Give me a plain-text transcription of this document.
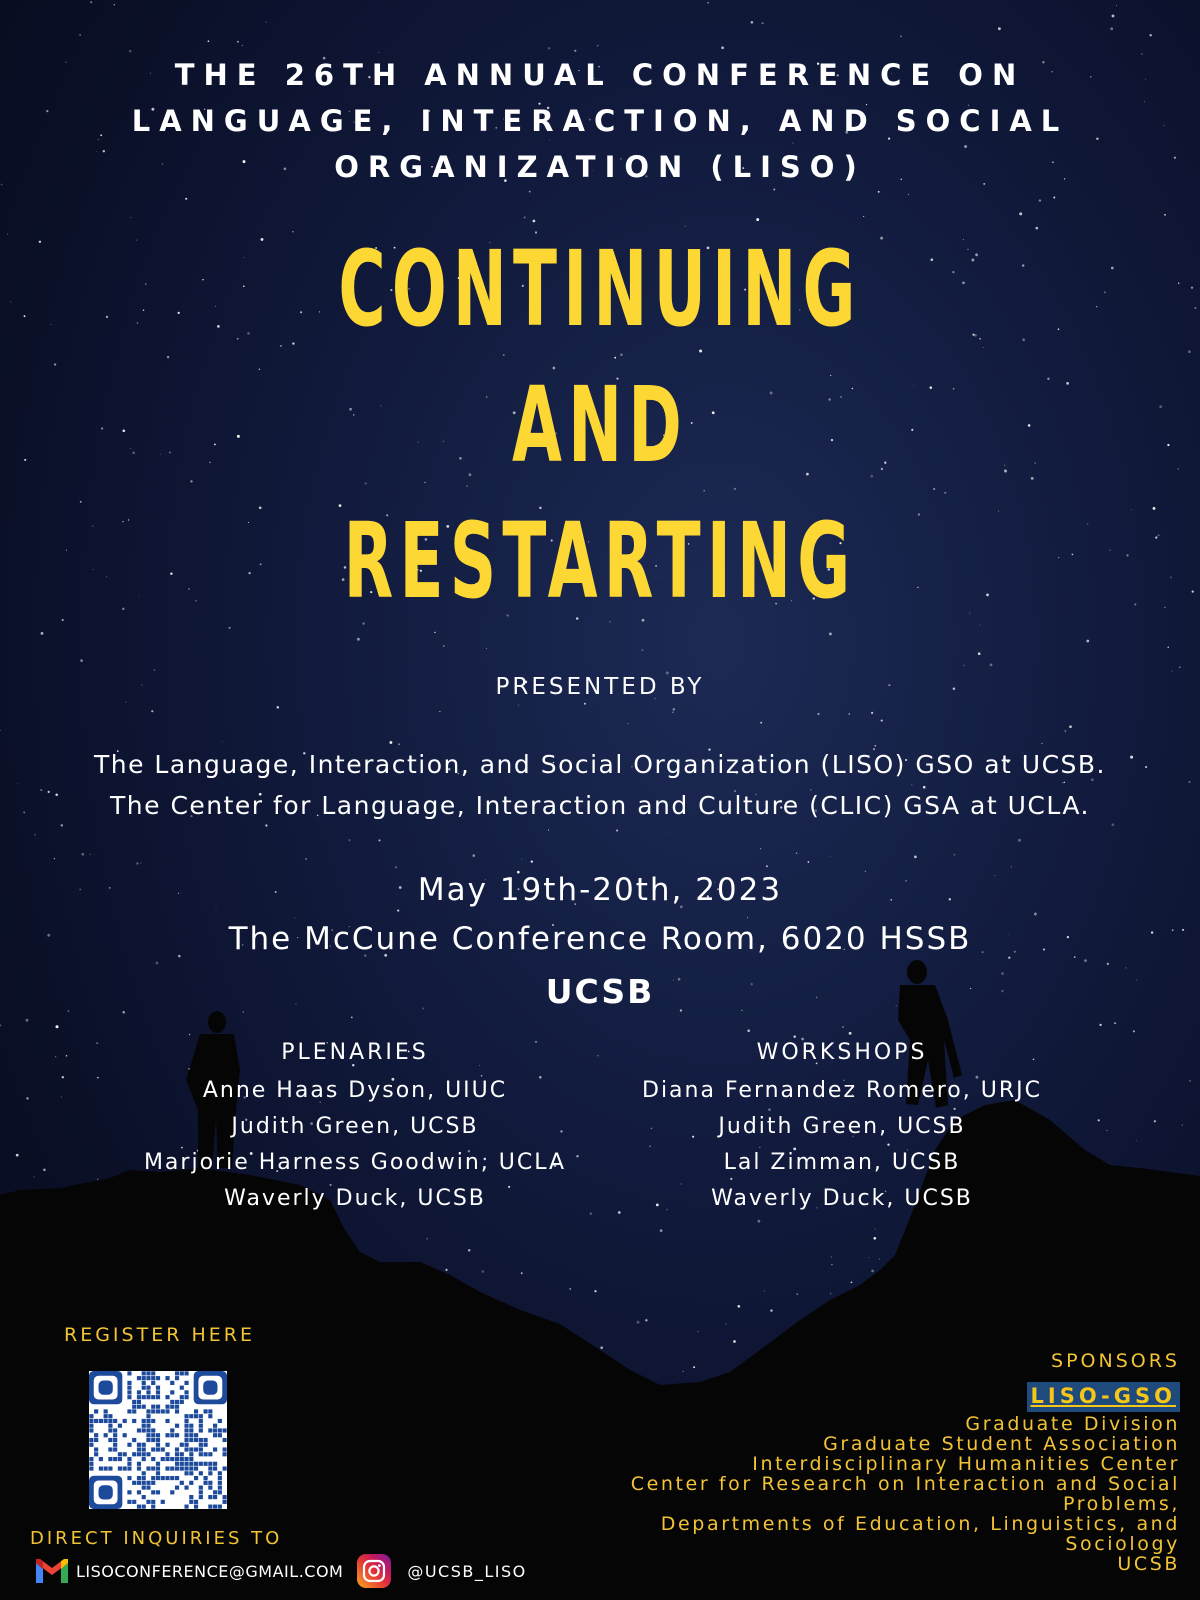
THE 26TH ANNUAL CONFERENCE ON
LANGUAGE, INTERACTION, AND SOCIAL
ORGANIZATION (LISO)
CONTINUING
AND
RESTARTING
PRESENTED BY
The Language, Interaction, and Social Organization (LISO) GSO at UCSB.
The Center for Language, Interaction and Culture (CLIC) GSA at UCLA.
May 19th-20th, 2023
The McCune Conference Room, 6020 HSSB
UCSB
PLENARIES
Anne Haas Dyson, UIUC
Judith Green, UCSB
Marjorie Harness Goodwin, UCLA
Waverly Duck, UCSB
WORKSHOPS
Diana Fernandez Romero, URJC
Judith Green, UCSB
Lal Zimman, UCSB
Waverly Duck, UCSB
REGISTER HERE
DIRECT INQUIRIES TO
LISOCONFERENCE@GMAIL.COM	@UCSB_LISO
SPONSORS
LISO-GSO
Graduate Division
Graduate Student Association
Interdisciplinary Humanities Center
Center for Research on Interaction and Social
Problems,
Departments of Education, Linguistics, and
Sociology
UCSB
